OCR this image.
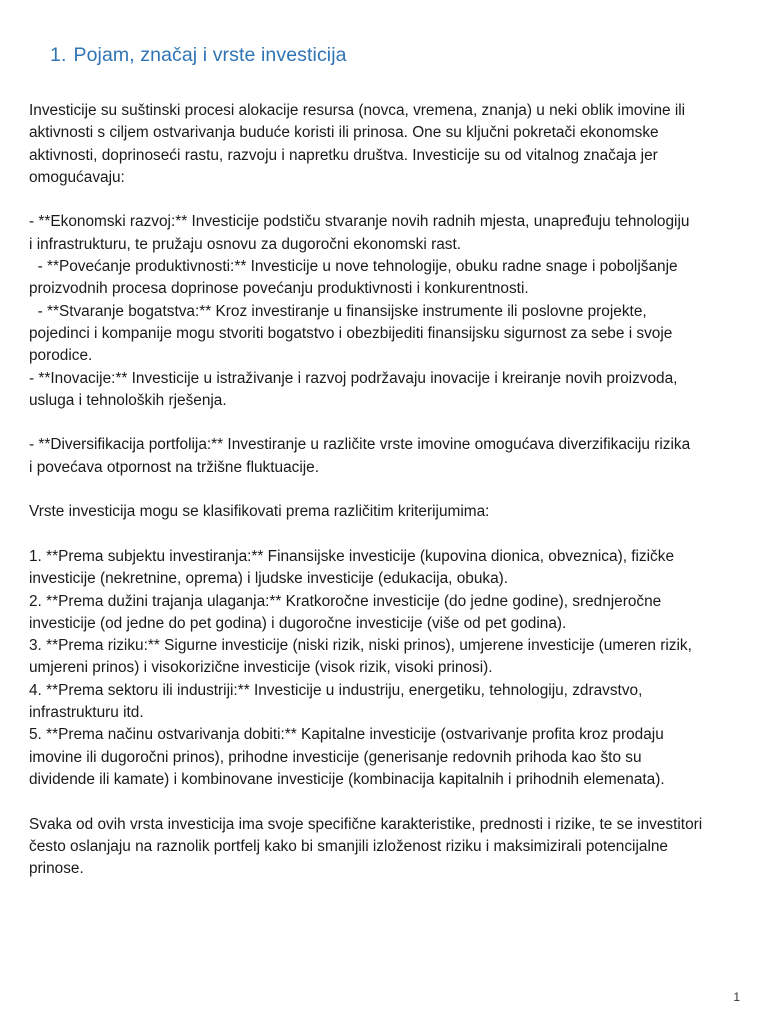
1. Pojam, značaj i vrste investicija

Investicije su suštinski procesi alokacije resursa (novca, vremena, znanja) u neki oblik imovine ili

aktivnosti s ciljem ostvarivanja buduće koristi ili prinosa. One su ključni pokretači ekonomske

aktivnosti, doprinoseći rastu, razvoju i napretku društva. Investicije su od vitalnog značaja jer

omogućavaju:

- **Ekonomski razvoj:** Investicije podstiču stvaranje novih radnih mjesta, unapređuju tehnologiju

i infrastrukturu, te pružaju osnovu za dugoročni ekonomski rast.

- **Povećanje produktivnosti:** Investicije u nove tehnologije, obuku radne snage i poboljšanje

proizvodnih procesa doprinose povećanju produktivnosti i konkurentnosti.

- **Stvaranje bogatstva:** Kroz investiranje u finansijske instrumente ili poslovne projekte,

pojedinci i kompanije mogu stvoriti bogatstvo i obezbijediti finansijsku sigurnost za sebe i svoje

porodice.

- **Inovacije:** Investicije u istraživanje i razvoj podržavaju inovacije i kreiranje novih proizvoda,

usluga i tehnoloških rješenja.

- **Diversifikacija portfolija:** Investiranje u različite vrste imovine omogućava diverzifikaciju rizika

i povećava otpornost na tržišne fluktuacije.

Vrste investicija mogu se klasifikovati prema različitim kriterijumima:

1. **Prema subjektu investiranja:** Finansijske investicije (kupovina dionica, obveznica), fizičke

investicije (nekretnine, oprema) i ljudske investicije (edukacija, obuka).

2. **Prema dužini trajanja ulaganja:** Kratkoročne investicije (do jedne godine), srednjeročne

investicije (od jedne do pet godina) i dugoročne investicije (više od pet godina).

3. **Prema riziku:** Sigurne investicije (niski rizik, niski prinos), umjerene investicije (umeren rizik,

umjereni prinos) i visokorizične investicije (visok rizik, visoki prinosi).

4. **Prema sektoru ili industriji:** Investicije u industriju, energetiku, tehnologiju, zdravstvo,

infrastrukturu itd.

5. **Prema načinu ostvarivanja dobiti:** Kapitalne investicije (ostvarivanje profita kroz prodaju

imovine ili dugoročni prinos), prihodne investicije (generisanje redovnih prihoda kao što su

dividende ili kamate) i kombinovane investicije (kombinacija kapitalnih i prihodnih elemenata).

Svaka od ovih vrsta investicija ima svoje specifične karakteristike, prednosti i rizike, te se investitori

često oslanjaju na raznolik portfelj kako bi smanjili izloženost riziku i maksimizirali potencijalne

prinose.

1
